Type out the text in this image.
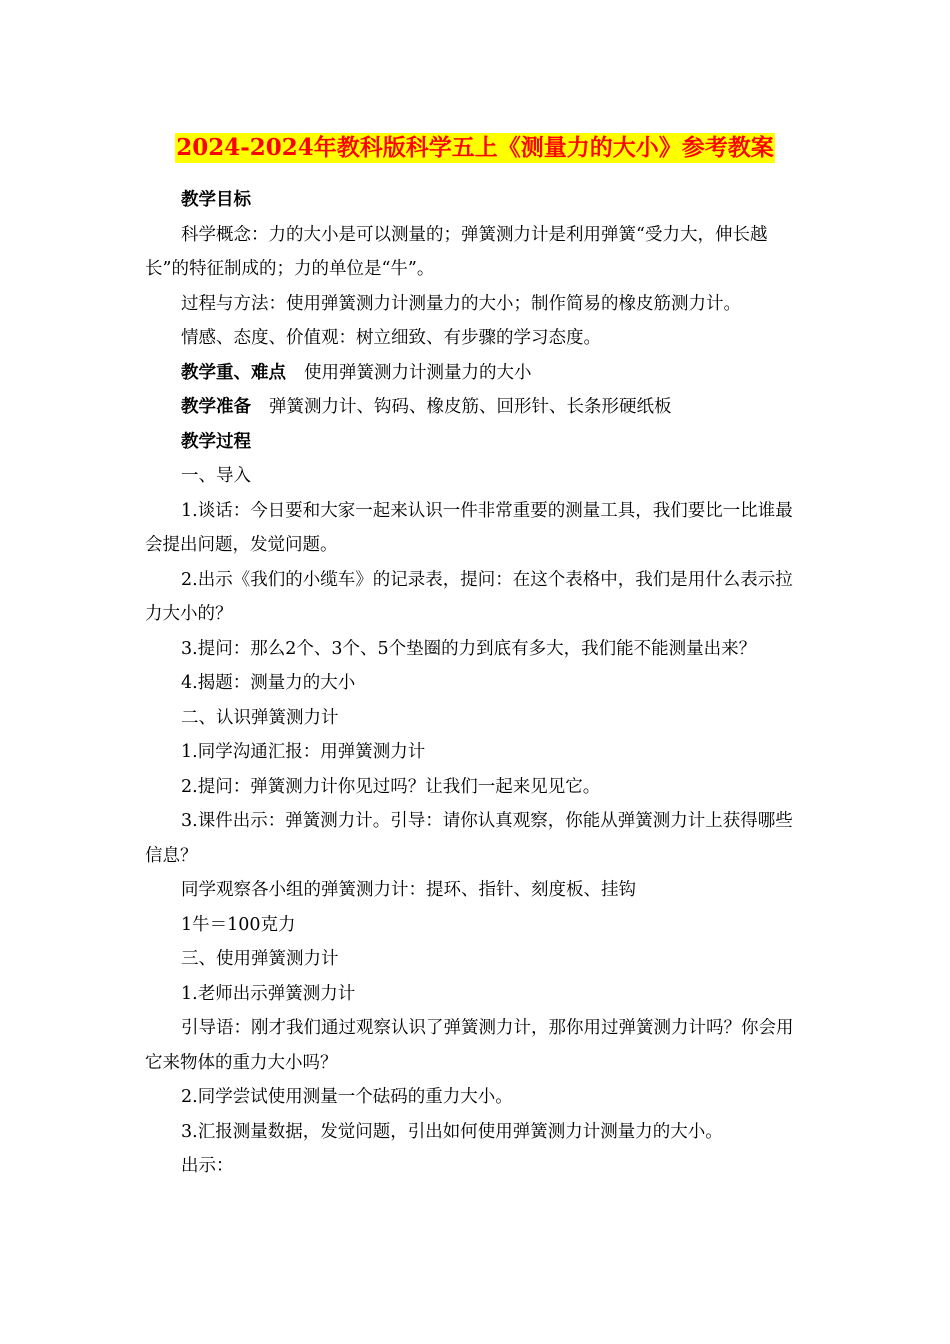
2024-2024年教科版科学五上《测量力的大小》参考教案

教学目标

科学概念：力的大小是可以测量的；弹簧测力计是利用弹簧“受力大，伸长越长”的特征制成的；力的单位是“牛”。

过程与方法：使用弹簧测力计测量力的大小；制作简易的橡皮筋测力计。

情感、态度、价值观：树立细致、有步骤的学习态度。

教学重、难点 使用弹簧测力计测量力的大小

教学准备 弹簧测力计、钩码、橡皮筋、回形针、长条形硬纸板

教学过程

一、导入

1.谈话：今日要和大家一起来认识一件非常重要的测量工具，我们要比一比谁最会提出问题，发觉问题。

2.出示《我们的小缆车》的记录表，提问：在这个表格中，我们是用什么表示拉力大小的？

3.提问：那么2个、3个、5个垫圈的力到底有多大，我们能不能测量出来？

4.揭题：测量力的大小

二、认识弹簧测力计

1.同学沟通汇报：用弹簧测力计

2.提问：弹簧测力计你见过吗？让我们一起来见见它。

3.课件出示：弹簧测力计。引导：请你认真观察，你能从弹簧测力计上获得哪些信息？

同学观察各小组的弹簧测力计：提环、指针、刻度板、挂钩

1牛＝100克力

三、使用弹簧测力计

1.老师出示弹簧测力计

引导语：刚才我们通过观察认识了弹簧测力计，那你用过弹簧测力计吗？你会用它来物体的重力大小吗？

2.同学尝试使用测量一个砝码的重力大小。

3.汇报测量数据，发觉问题，引出如何使用弹簧测力计测量力的大小。

出示：
